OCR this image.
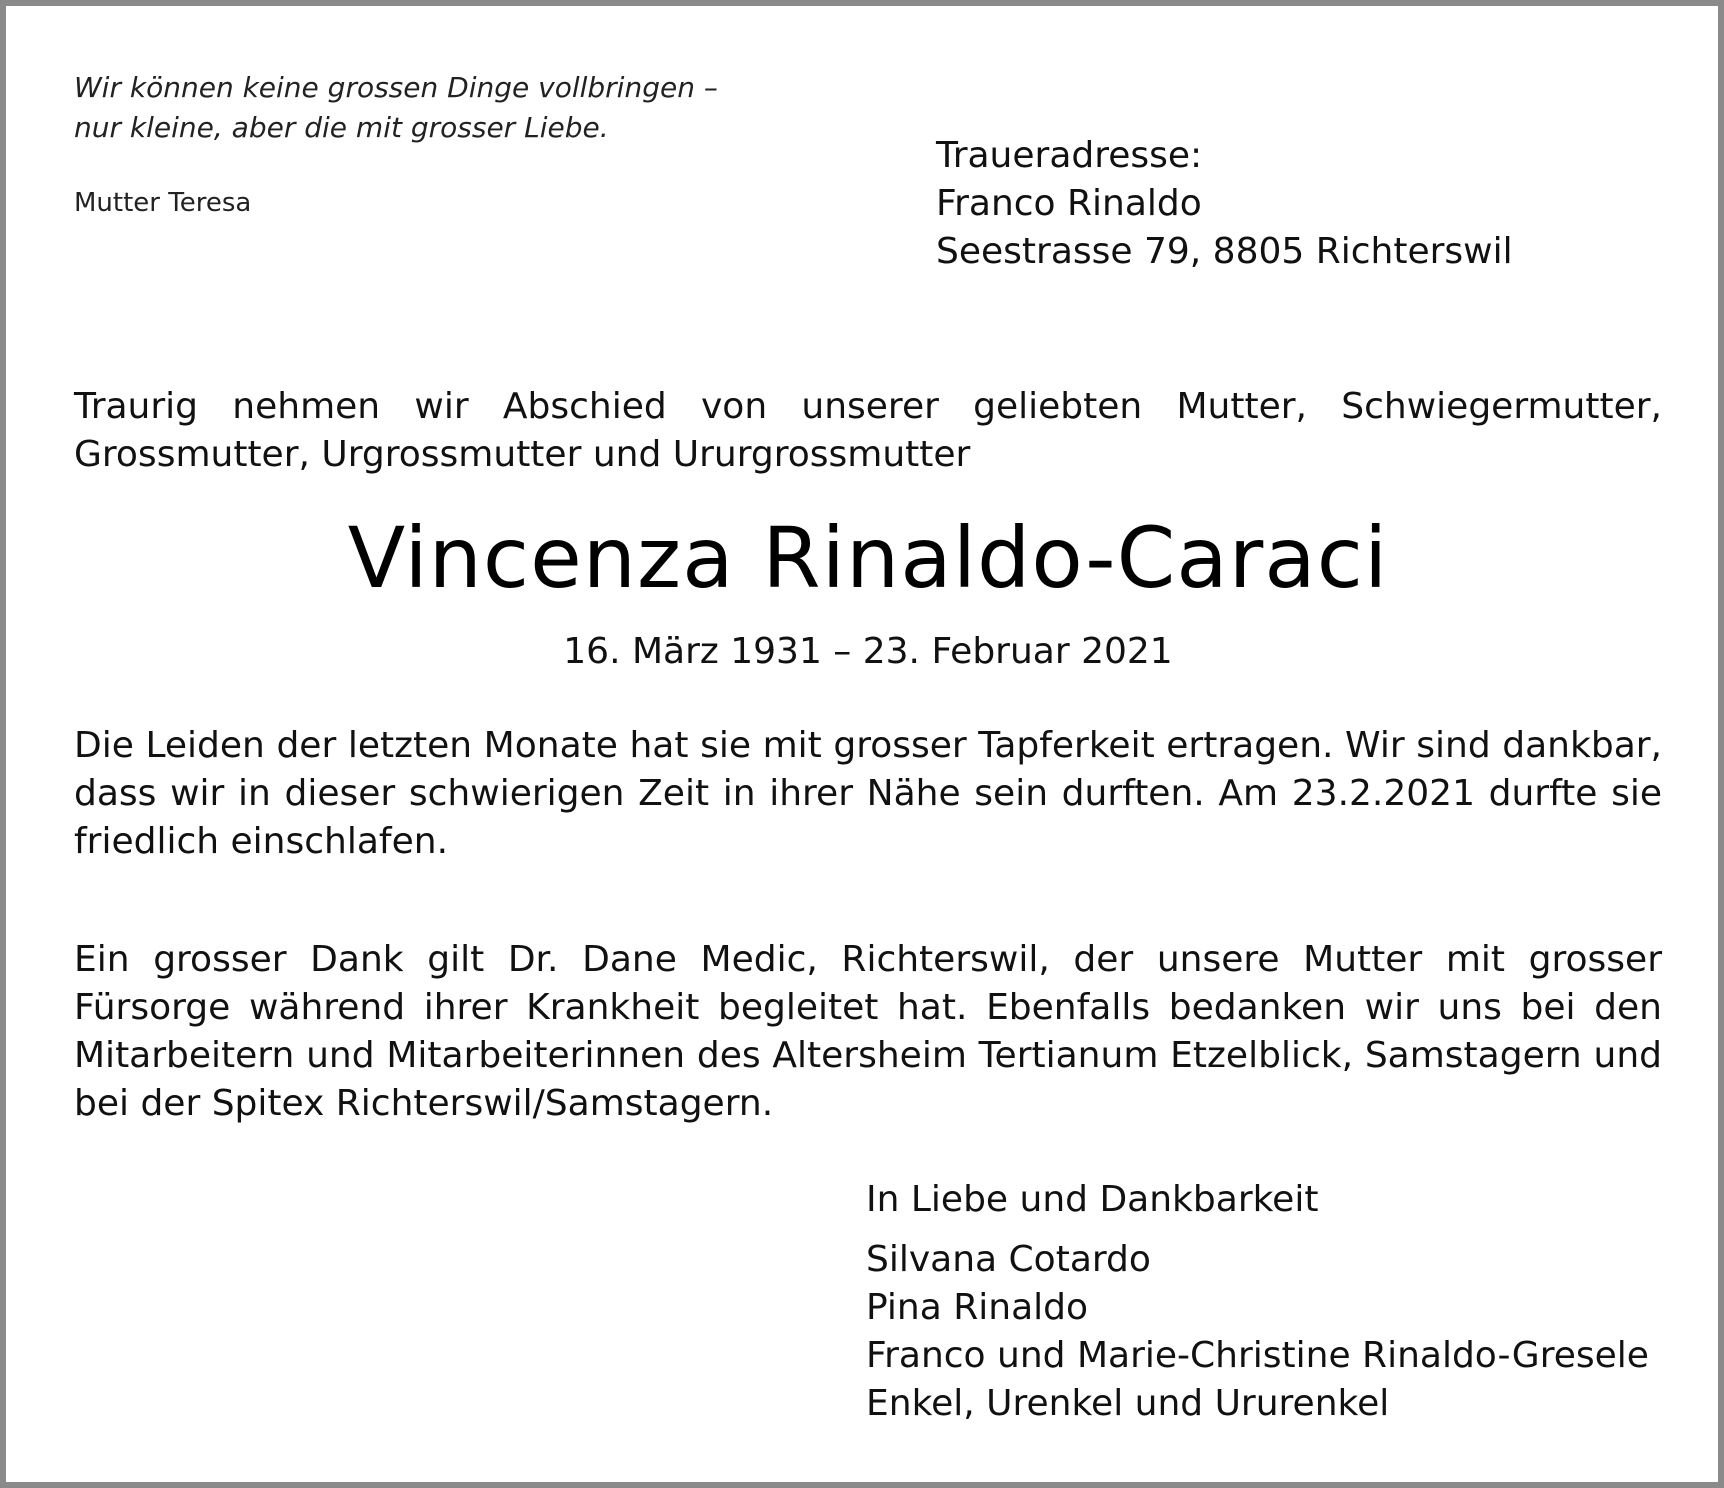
Wir können keine grossen Dinge vollbringen –
nur kleine, aber die mit grosser Liebe.
Mutter Teresa
Traueradresse:
Franco Rinaldo
Seestrasse 79, 8805 Richterswil
Traurig nehmen wir Abschied von unserer geliebten Mutter, Schwiegermutter, Grossmutter, Urgrossmutter und Ururgrossmutter
Vincenza Rinaldo-Caraci
16. März 1931 – 23. Februar 2021
Die Leiden der letzten Monate hat sie mit grosser Tapferkeit ertragen. Wir sind dankbar, dass wir in dieser schwierigen Zeit in ihrer Nähe sein durften. Am 23.2.2021 durfte sie friedlich einschlafen.
Ein grosser Dank gilt Dr. Dane Medic, Richterswil, der unsere Mutter mit grosser Fürsorge während ihrer Krankheit begleitet hat. Ebenfalls bedanken wir uns bei den Mitarbeitern und Mitarbeiterinnen des Altersheim Tertianum Etzelblick, Samstagern und bei der Spitex Richterswil/Samstagern.
In Liebe und Dankbarkeit
Silvana Cotardo
Pina Rinaldo
Franco und Marie-Christine Rinaldo-Gresele
Enkel, Urenkel und Ururenkel
